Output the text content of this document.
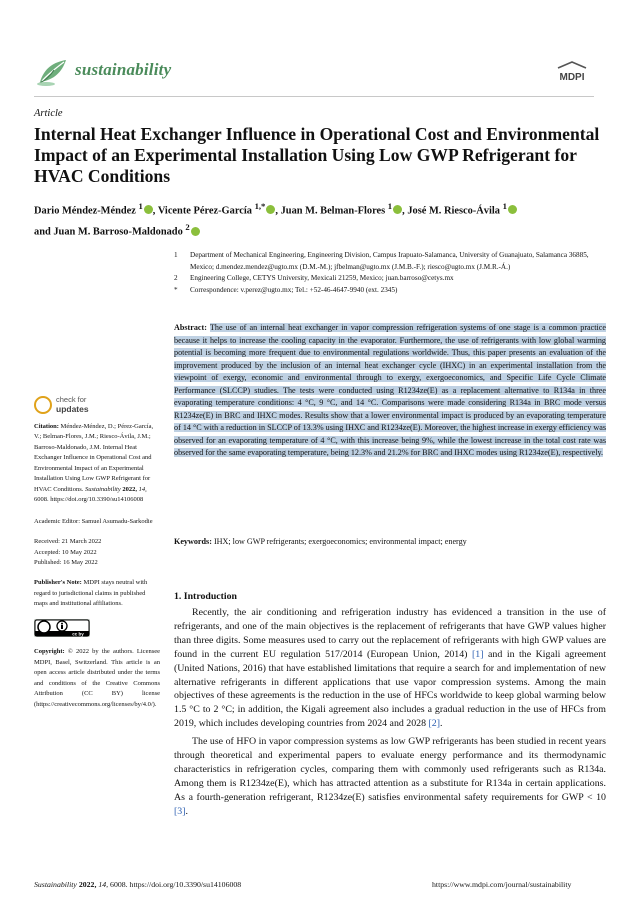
sustainability	MDPI
Article
Internal Heat Exchanger Influence in Operational Cost and Environmental Impact of an Experimental Installation Using Low GWP Refrigerant for HVAC Conditions
Dario Méndez-Méndez $^1$ , Vicente Pérez-García $^{1,*}$ , Juan M. Belman-Flores $^1$ , José M. Riesco-Ávila $^1$
and Juan M. Barroso-Maldonado $^2$
1	Department of Mechanical Engineering, Engineering Division, Campus Irapuato-Salamanca, University of Guanajuato, Salamanca 36885, Mexico; d.mendez.mendez@ugto.mx (D.M.-M.); jfbelman@ugto.mx (J.M.B.-F.); riesco@ugto.mx (J.M.R.-Á.)
2	Engineering College, CETYS University, Mexicali 21259, Mexico; juan.barroso@cetys.mx
*	Correspondence: v.perez@ugto.mx; Tel.: +52-46-4647-9940 (ext. 2345)
Abstract: The use of an internal heat exchanger in vapor compression refrigeration systems of one stage is a common practice because it helps to increase the cooling capacity in the evaporator. Furthermore, the use of refrigerants with low global warming potential is becoming more frequent due to environmental regulations worldwide. Thus, this paper presents an evaluation of the improvement produced by the inclusion of an internal heat exchanger cycle (IHXC) in an experimental installation from the viewpoint of exergy, economic and environmental through to exergy, exergoeconomics, and Specific Life Cycle Climate Performance (SLCCP) studies. The tests were conducted using R1234ze(E) as a replacement alternative to R134a in three evaporating temperature conditions: 4 °C, 9 °C, and 14 °C. Comparisons were made considering R134a in BRC mode versus R1234ze(E) in BRC and IHXC modes. Results show that a lower environmental impact is produced by an evaporating temperature of 14 °C with a reduction in SLCCP of 13.3% using IHXC and R1234ze(E). Moreover, the highest increase in exergy efficiency was observed for an evaporating temperature of 4 °C, with this increase being 9%, while the lowest increase in the total cost rate was observed for the same evaporating temperature, being 12.3% and 21.2% for BRC and IHXC modes using R1234ze(E), respectively.
Keywords: IHX; low GWP refrigerants; exergoeconomics; environmental impact; energy
check for
updates

Citation: Méndez-Méndez, D.; Pérez-García, V.; Belman-Flores, J.M.; Riesco-Ávila, J.M.; Barroso-Maldonado, J.M. Internal Heat Exchanger Influence in Operational Cost and Environmental Impact of an Experimental Installation Using Low GWP Refrigerant for HVAC Conditions. Sustainability 2022, 14, 6008. https://doi.org/10.3390/su14106008

Academic Editor: Samuel Asumadu-Sarkodie

Received: 21 March 2022
Accepted: 10 May 2022
Published: 16 May 2022

Publisher's Note: MDPI stays neutral with regard to jurisdictional claims in published maps and institutional affiliations.

cc by

Copyright: © 2022 by the authors. Licensee MDPI, Basel, Switzerland. This article is an open access article distributed under the terms and conditions of the Creative Commons Attribution (CC BY) license (https://creativecommons.org/licenses/by/4.0/).

1. Introduction

Recently, the air conditioning and refrigeration industry has evidenced a transition in the use of refrigerants, and one of the main objectives is the replacement of refrigerants that have GWP values higher than three digits. Some measures used to carry out the replacement of refrigerants with high GWP values are found in the current EU regulation 517/2014 (European Union, 2014) [1] and in the Kigali agreement (United Nations, 2016) that have established limitations that require a search for and implementation of new alternative refrigerants in different applications that use vapor compression systems. Among the main objectives of these agreements is the reduction in the use of HFCs worldwide to keep global warming below 1.5 °C to 2 °C; in addition, the Kigali agreement also includes a gradual reduction in the use of HFCs from 2019, which includes developing countries from 2024 and 2028 [2].

The use of HFO in vapor compression systems as low GWP refrigerants has been studied in recent years through theoretical and experimental papers to evaluate energy performance and its thermodynamic characteristics in refrigeration cycles, comparing them with commonly used refrigerants such as R134a. Among them is R1234ze(E), which has attracted attention as a substitute for R134a in certain applications. As a fourth-generation refrigerant, R1234ze(E) satisfies environmental safety requirements for GWP < 10 [3].

Sustainability 2022, 14, 6008. https://doi.org/10.3390/su14106008	https://www.mdpi.com/journal/sustainability
